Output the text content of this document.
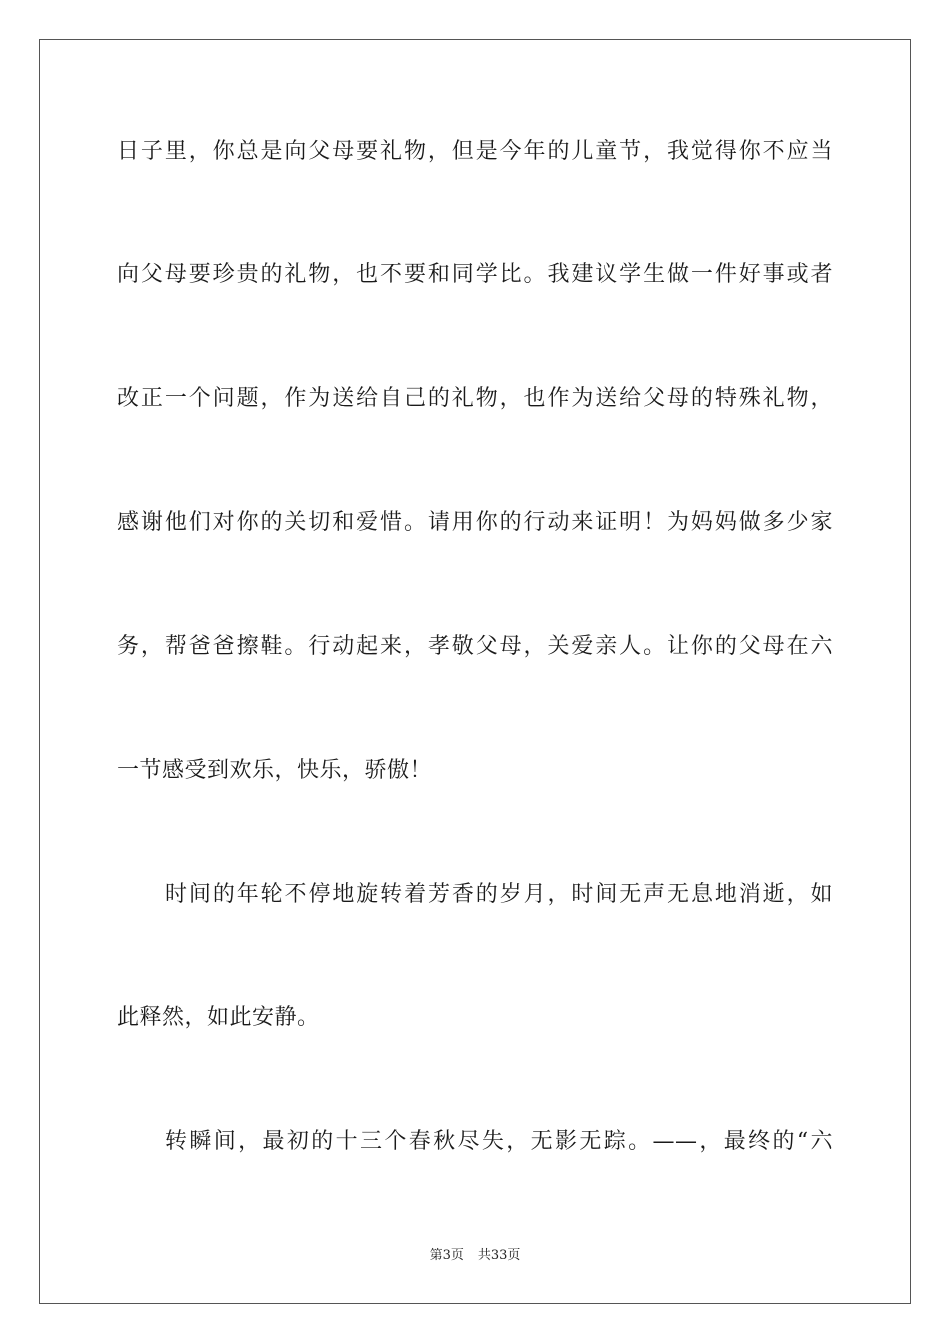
日子里，你总是向父母要礼物，但是今年的儿童节，我觉得你不应当
向父母要珍贵的礼物，也不要和同学比。我建议学生做一件好事或者
改正一个问题，作为送给自己的礼物，也作为送给父母的特殊礼物，
感谢他们对你的关切和爱惜。请用你的行动来证明！为妈妈做多少家
务，帮爸爸擦鞋。行动起来，孝敬父母，关爱亲人。让你的父母在六
一节感受到欢乐，快乐，骄傲！
时间的年轮不停地旋转着芳香的岁月，时间无声无息地消逝，如
此释然，如此安静。
转瞬间，最初的十三个春秋尽失，无影无踪。——，最终的“六
第3页 共33页
